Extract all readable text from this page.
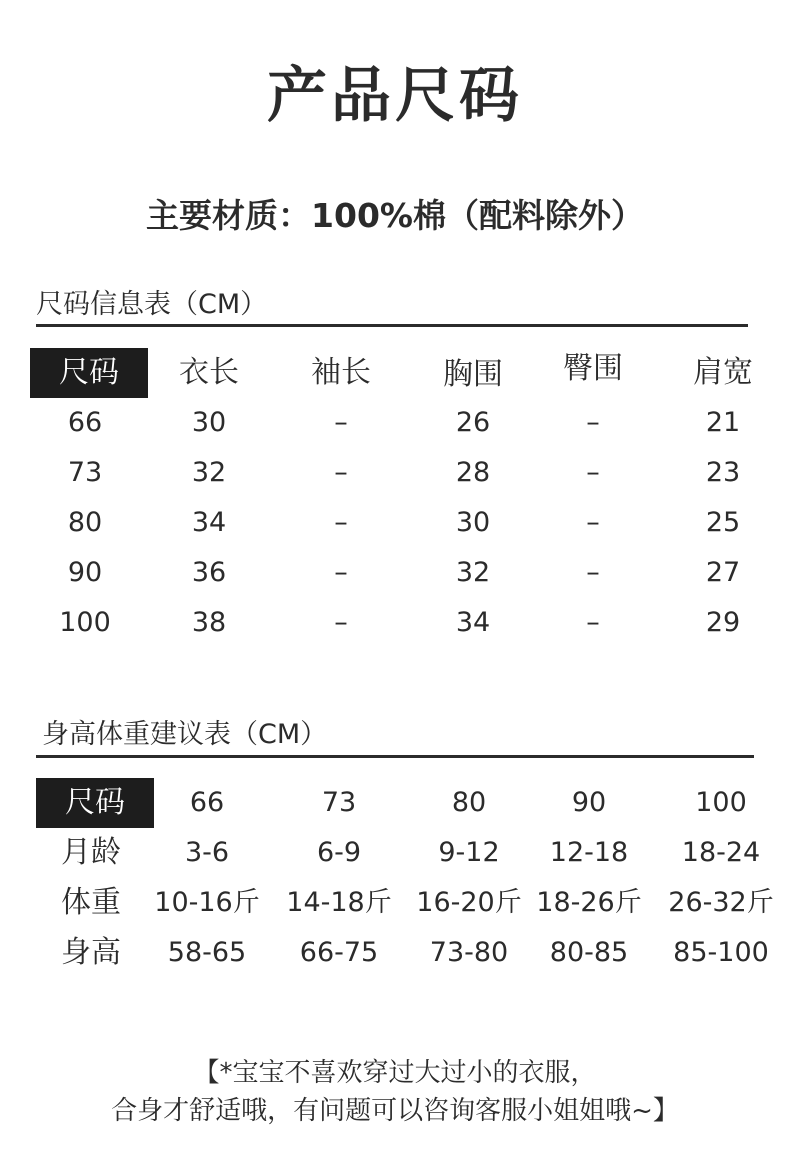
产品尺码
主要材质：100%棉（配料除外）
尺码信息表（CM）
尺码	衣长	袖长	胸围	臀围	肩宽
66	30	–	26	–	21
73	32	–	28	–	23
80	34	–	30	–	25
90	36	–	32	–	27
100	38	–	34	–	29
身高体重建议表（CM）
尺码	66	73	80	90	100
月龄	3-6	6-9	9-12	12-18	18-24
体重	10-16斤 14-18斤 16-20斤 18-26斤 26-32斤
身高	58-65	66-75	73-80	80-85	85-100
【*宝宝不喜欢穿过大过小的衣服，
合身才舒适哦，有问题可以咨询客服小姐姐哦~】
